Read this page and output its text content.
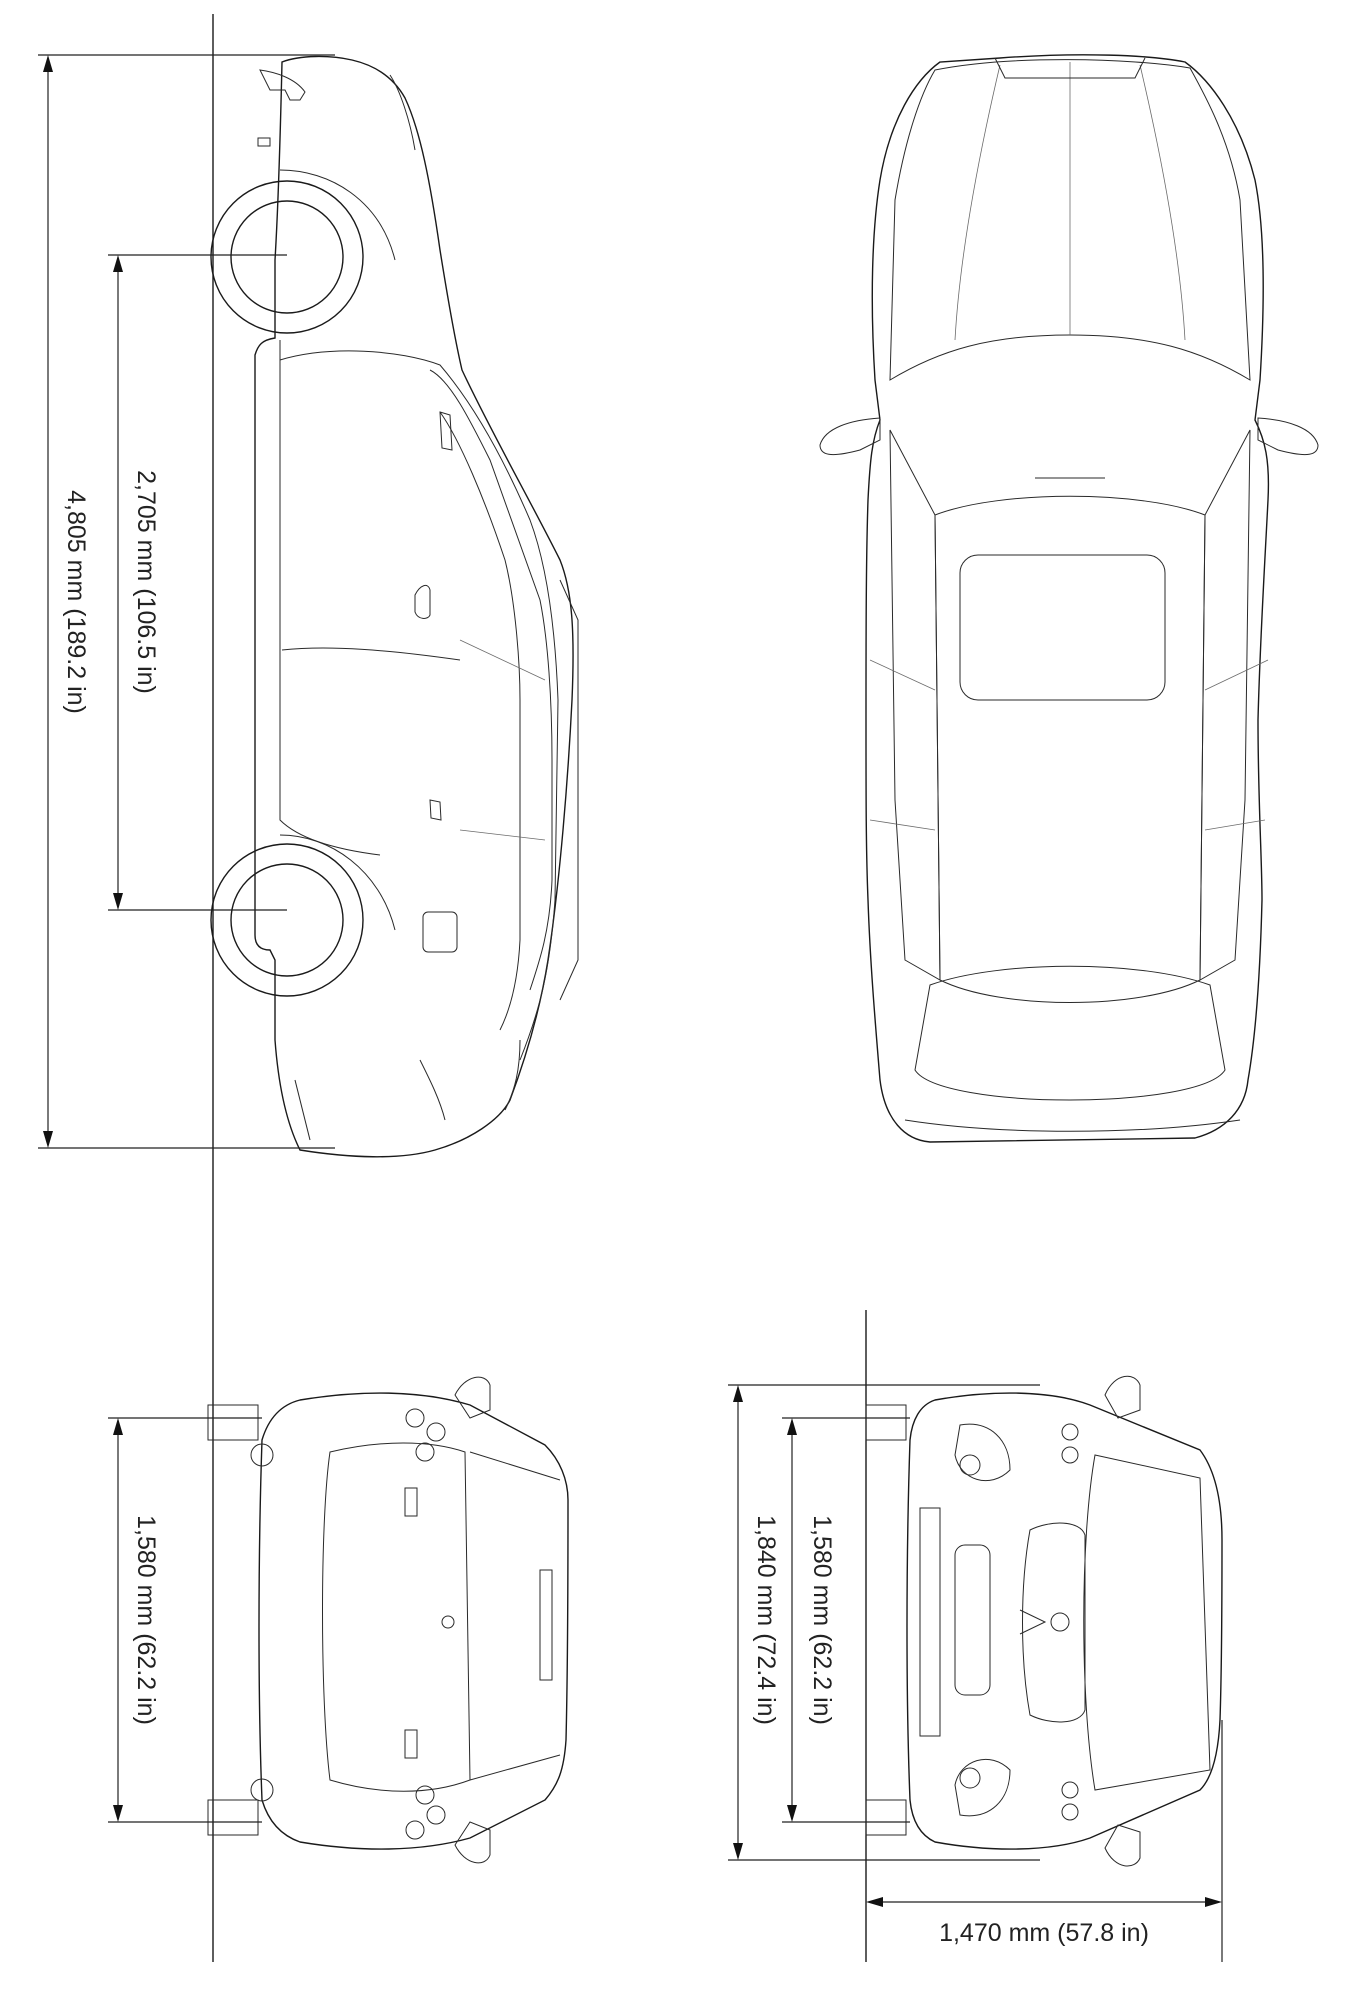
4,805 mm (189.2 in) 2,705 mm (106.5 in)
1,580 mm (62.2 in)	1,840 mm (72.4 in) 1,580 mm (62.2 in)
1,470 mm (57.8 in)
